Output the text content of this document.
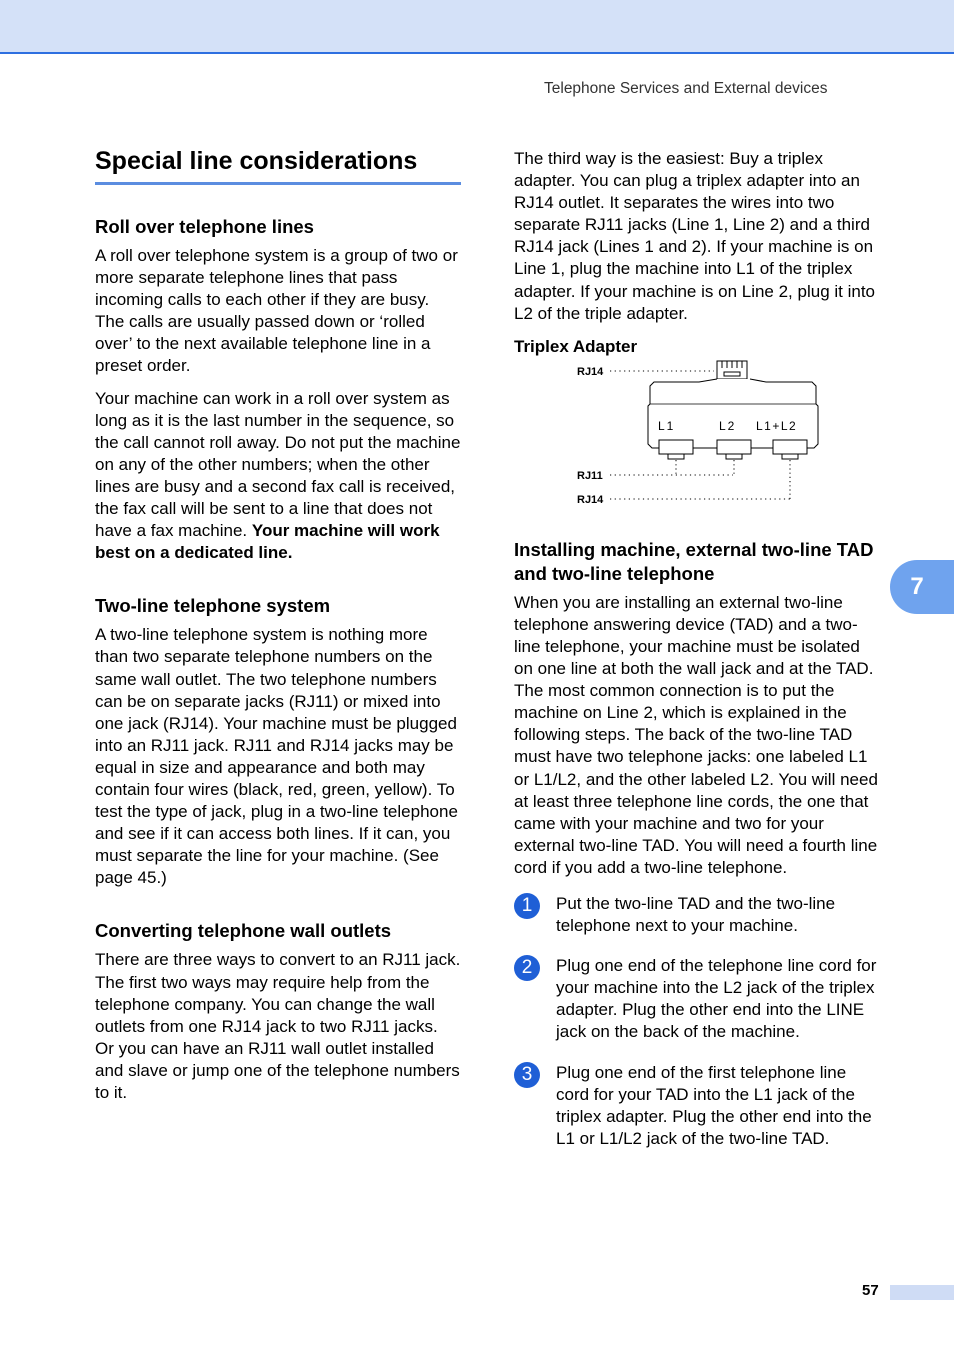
Telephone Services and External devices
Special line considerations
Roll over telephone lines

A roll over telephone system is a group of two or more separate telephone lines that pass incoming calls to each other if they are busy. The calls are usually passed down or ‘rolled over’ to the next available telephone line in a preset order.

Your machine can work in a roll over system as long as it is the last number in the sequence, so the call cannot roll away. Do not put the machine on any of the other numbers; when the other lines are busy and a second fax call is received, the fax call will be sent to a line that does not have a fax machine. Your machine will work best on a dedicated line.

Two-line telephone system

A two-line telephone system is nothing more than two separate telephone numbers on the same wall outlet. The two telephone numbers can be on separate jacks (RJ11) or mixed into one jack (RJ14). Your machine must be plugged into an RJ11 jack. RJ11 and RJ14 jacks may be equal in size and appearance and both may contain four wires (black, red, green, yellow). To test the type of jack, plug in a two-line telephone and see if it can access both lines. If it can, you must separate the line for your machine. (See page 45.)

Converting telephone wall outlets

There are three ways to convert to an RJ11 jack. The first two ways may require help from the telephone company. You can change the wall outlets from one RJ14 jack to two RJ11 jacks. Or you can have an RJ11 wall outlet installed and slave or jump one of the telephone numbers to it.

The third way is the easiest: Buy a triplex adapter. You can plug a triplex adapter into an RJ14 outlet. It separates the wires into two separate RJ11 jacks (Line 1, Line 2) and a third RJ14 jack (Lines 1 and 2). If your machine is on Line 1, plug the machine into L1 of the triplex adapter. If your machine is on Line 2, plug it into L2 of the triple adapter.

Triplex Adapter
L1	L2 L1+L2
RJ14
RJ11
RJ14
Installing machine, external two-line TAD and two-line telephone

When you are installing an external two-line telephone answering device (TAD) and a two-line telephone, your machine must be isolated on one line at both the wall jack and at the TAD. The most common connection is to put the machine on Line 2, which is explained in the following steps. The back of the two-line TAD must have two telephone jacks: one labeled L1 or L1/L2, and the other labeled L2. You will need at least three telephone line cords, the one that came with your machine and two for your external two-line TAD. You will need a fourth line cord if you add a two-line telephone.

1	Put the two-line TAD and the two-line telephone next to your machine.

2	Plug one end of the telephone line cord for your machine into the L2 jack of the triplex adapter. Plug the other end into the LINE jack on the back of the machine.

3	Plug one end of the first telephone line cord for your TAD into the L1 jack of the triplex adapter. Plug the other end into the L1 or L1/L2 jack of the two-line TAD.

7
57
